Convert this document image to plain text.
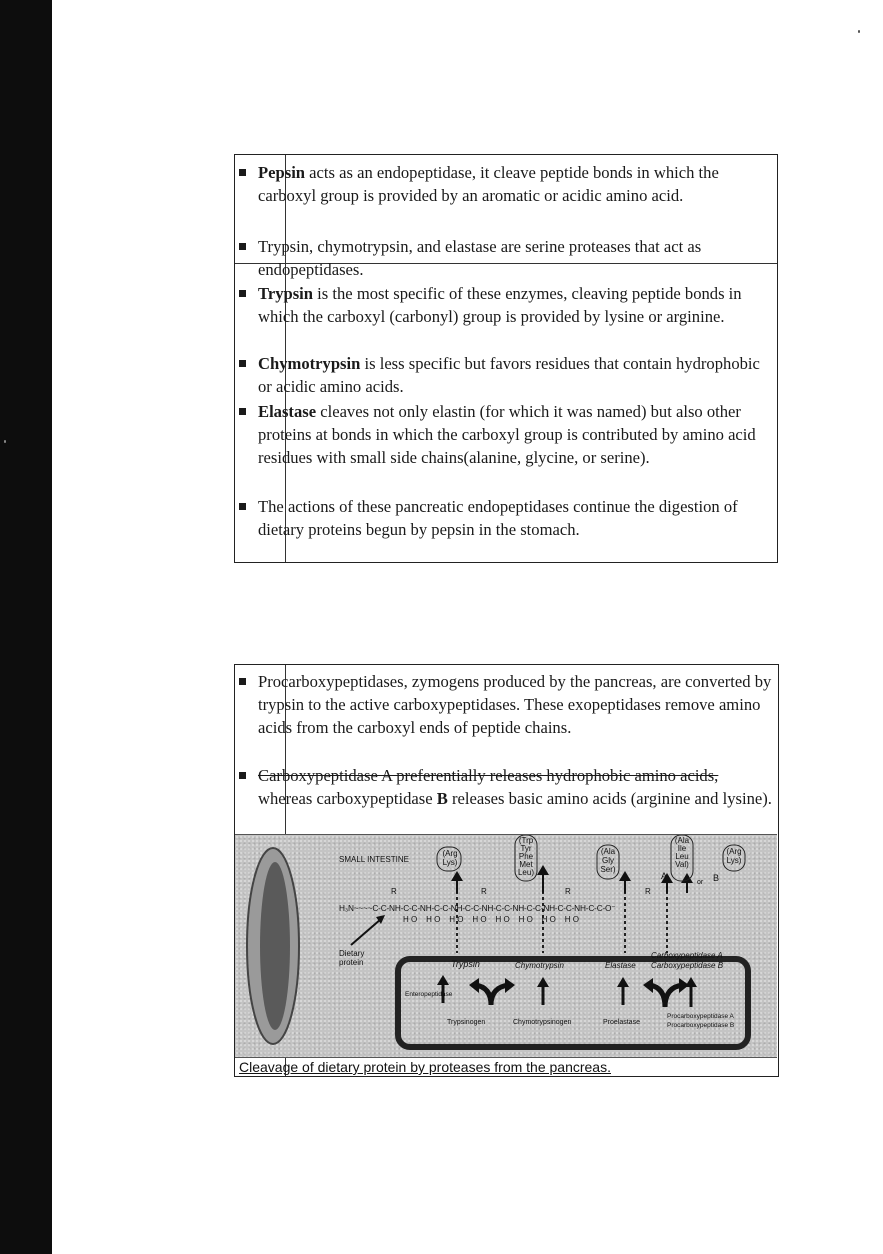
Pepsin acts as an endopeptidase, it cleave peptide bonds in which the carboxyl group is provided by an aromatic or acidic amino acid.
Trypsin, chymotrypsin, and elastase are serine proteases that act as endopeptidases.
Trypsin is the most specific of these enzymes, cleaving peptide bonds in which the carboxyl (carbonyl) group is provided by lysine or arginine.
Chymotrypsin is less specific but favors residues that contain hydrophobic or acidic amino acids.
Elastase cleaves not only elastin (for which it was named) but also other proteins at bonds in which the carboxyl group is contributed by amino acid residues with small side chains(alanine, glycine, or serine).
The actions of these pancreatic endopeptidases continue the digestion of dietary proteins begun by pepsin in the stomach.
Procarboxypeptidases, zymogens produced by the pancreas, are converted by trypsin to the active carboxypeptidases. These exopeptidases remove amino acids from the carboxyl ends of peptide chains.
Carboxypeptidase A preferentially releases hydrophobic amino acids, whereas carboxypeptidase B releases basic amino acids (arginine and lysine).
SMALL INTESTINE
(Arg Lys)
(Trp Tyr Phe Met Leu)
(Ala Gly Ser)
(Ala Ile Leu Val)
(Arg Lys)
A
or B
R	R	R	R
H₃N~~~~C-C-NH-C-C-NH-C-C-NH-C-C-NH-C-C-NH-C-C-NH-C-C-NH-C-C-O⁻
H O    H O    H O    H O    H O    H O    H O    H O
Dietary protein	Trypsin	Chymotrypsin	Elastase
Carboxypeptidase A
Carboxypeptidase B
Enteropeptidase
Trypsinogen	Chymotrypsinogen	Proelastase
Procarboxypeptidase A
Procarboxypeptidase B
Cleavage of dietary protein by proteases from the pancreas.
